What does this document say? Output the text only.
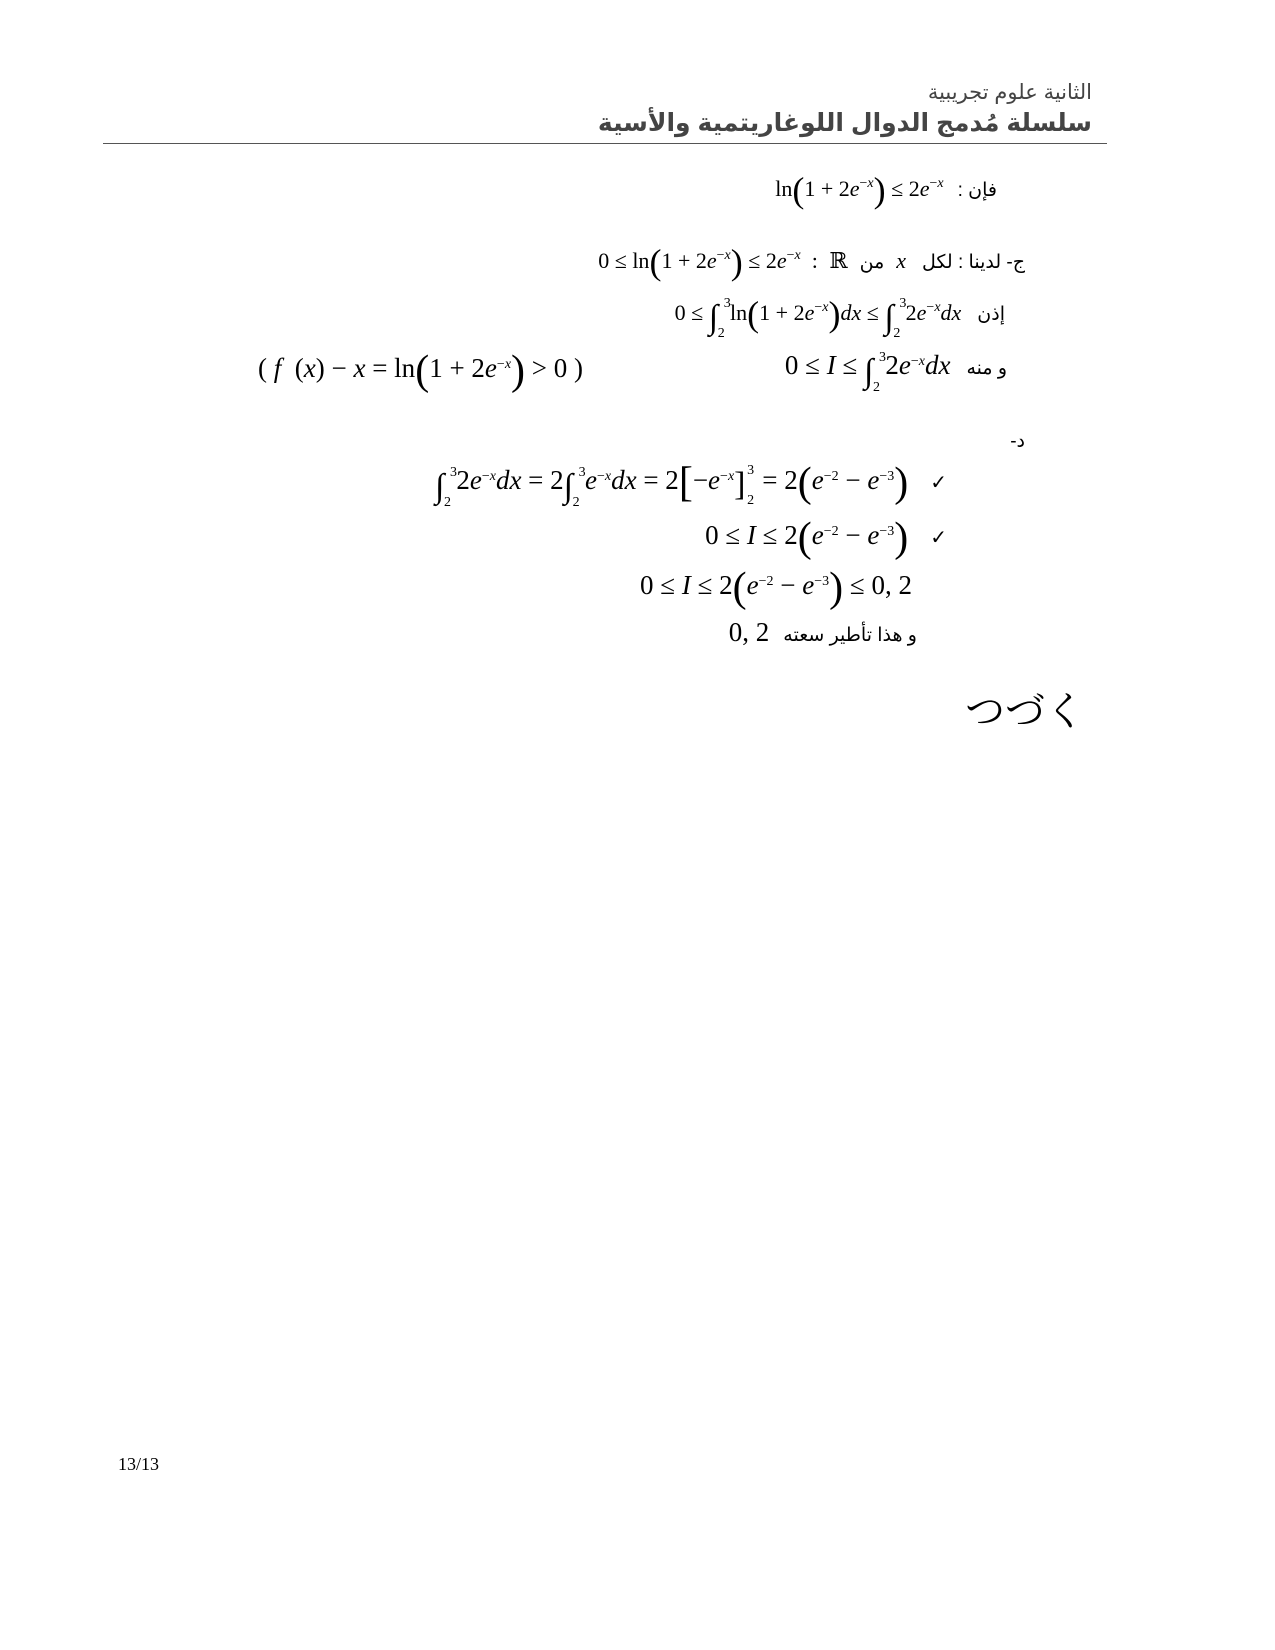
الثانية علوم تجريبية
سلسلة مُدمج الدوال اللوغاريتمية والأسية
$\ln(1 + 2e^{-x}) \le 2e^{-x}$ فإن :
$0 \le \ln(1 + 2e^{-x}) \le 2e^{-x}$  : ℝ من x ج- لدينا : لكل
0 ≤ ∫ 3
2
$\ln(1 + 2e^{-x})dx$ ≤ ∫ 3
2
$2e^{-x}dx$ إذن
0 ≤ I ≤ ∫ 3
2
$2e^{-x}dx$ و منه
( f  $(x) - x = \ln(1 + 2e^{-x}) > 0$ )
د-
∫ 3
2
$2e^{-x}dx = 2\int$ 3
2
$e^{-x}dx = 2[-e^{-x}]$ 3
2
= $2(e^{-2} - e^{-3})$ ✓
$0 \le I \le 2(e^{-2} - e^{-3})$ ✓
$0 \le I \le 2(e^{-2} - e^{-3}) \le 0$, 2
0, 2 و هذا تأطير سعته
つづく
13/13
